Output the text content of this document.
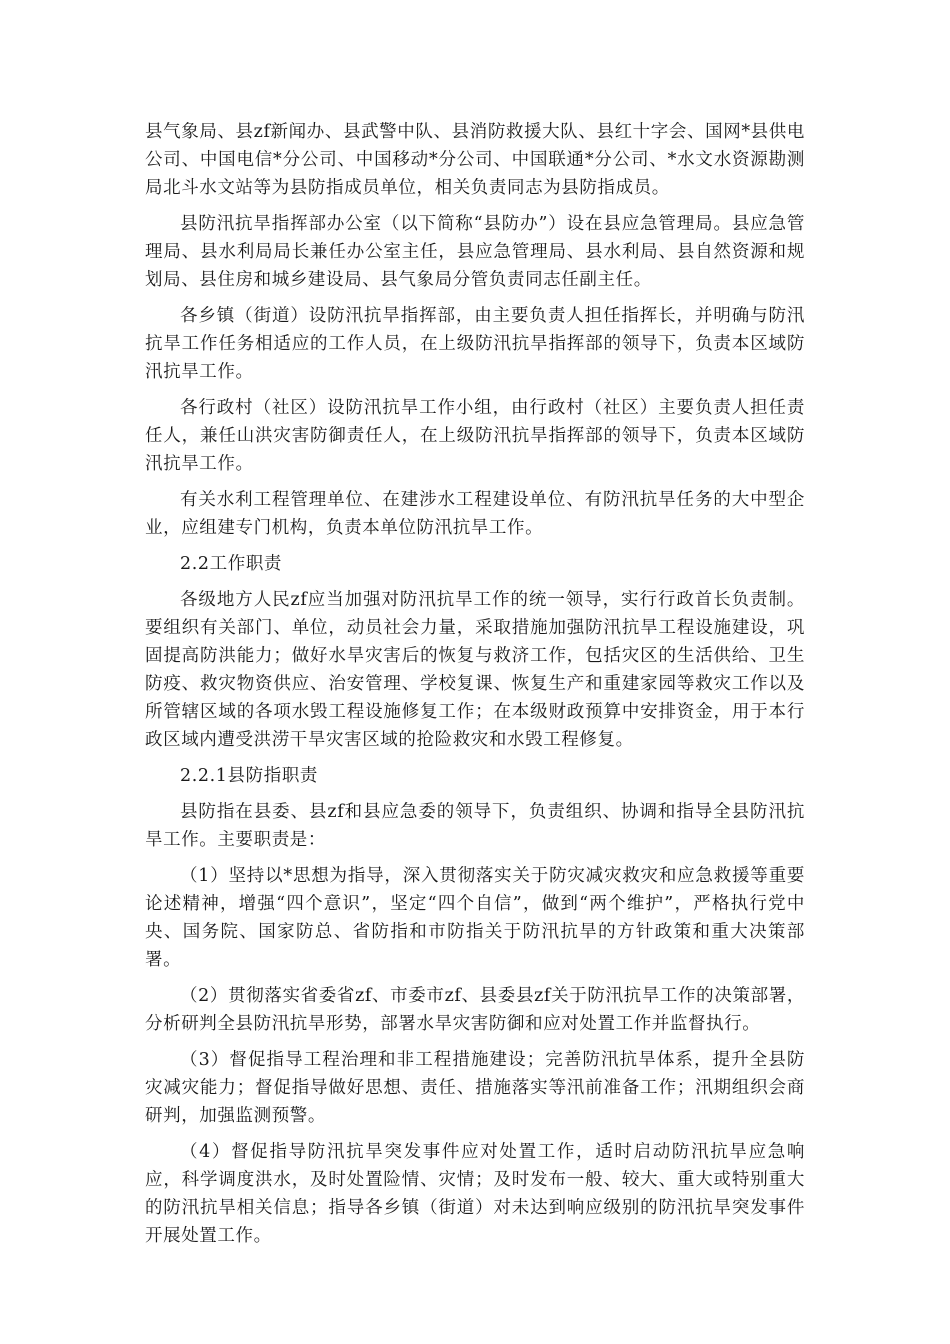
县气象局、县zf新闻办、县武警中队、县消防救援大队、县红十字会、国网*县供电公司、中国电信*分公司、中国移动*分公司、中国联通*分公司、*水文水资源勘测局北斗水文站等为县防指成员单位，相关负责同志为县防指成员。

县防汛抗旱指挥部办公室（以下简称“县防办”）设在县应急管理局。县应急管理局、县水利局局长兼任办公室主任，县应急管理局、县水利局、县自然资源和规划局、县住房和城乡建设局、县气象局分管负责同志任副主任。

各乡镇（街道）设防汛抗旱指挥部，由主要负责人担任指挥长，并明确与防汛抗旱工作任务相适应的工作人员，在上级防汛抗旱指挥部的领导下，负责本区域防汛抗旱工作。

各行政村（社区）设防汛抗旱工作小组，由行政村（社区）主要负责人担任责任人，兼任山洪灾害防御责任人，在上级防汛抗旱指挥部的领导下，负责本区域防汛抗旱工作。

有关水利工程管理单位、在建涉水工程建设单位、有防汛抗旱任务的大中型企业，应组建专门机构，负责本单位防汛抗旱工作。

2.2工作职责

各级地方人民zf应当加强对防汛抗旱工作的统一领导，实行行政首长负责制。要组织有关部门、单位，动员社会力量，采取措施加强防汛抗旱工程设施建设，巩固提高防洪能力；做好水旱灾害后的恢复与救济工作，包括灾区的生活供给、卫生防疫、救灾物资供应、治安管理、学校复课、恢复生产和重建家园等救灾工作以及所管辖区域的各项水毁工程设施修复工作；在本级财政预算中安排资金，用于本行政区域内遭受洪涝干旱灾害区域的抢险救灾和水毁工程修复。

2.2.1县防指职责

县防指在县委、县zf和县应急委的领导下，负责组织、协调和指导全县防汛抗旱工作。主要职责是：

（1）坚持以*思想为指导，深入贯彻落实关于防灾减灾救灾和应急救援等重要论述精神，增强“四个意识”，坚定“四个自信”，做到“两个维护”，严格执行党中央、国务院、国家防总、省防指和市防指关于防汛抗旱的方针政策和重大决策部署。

（2）贯彻落实省委省zf、市委市zf、县委县zf关于防汛抗旱工作的决策部署，分析研判全县防汛抗旱形势，部署水旱灾害防御和应对处置工作并监督执行。

（3）督促指导工程治理和非工程措施建设；完善防汛抗旱体系，提升全县防灾减灾能力；督促指导做好思想、责任、措施落实等汛前准备工作；汛期组织会商研判，加强监测预警。

（4）督促指导防汛抗旱突发事件应对处置工作，适时启动防汛抗旱应急响应，科学调度洪水，及时处置险情、灾情；及时发布一般、较大、重大或特别重大的防汛抗旱相关信息；指导各乡镇（街道）对未达到响应级别的防汛抗旱突发事件开展处置工作。
